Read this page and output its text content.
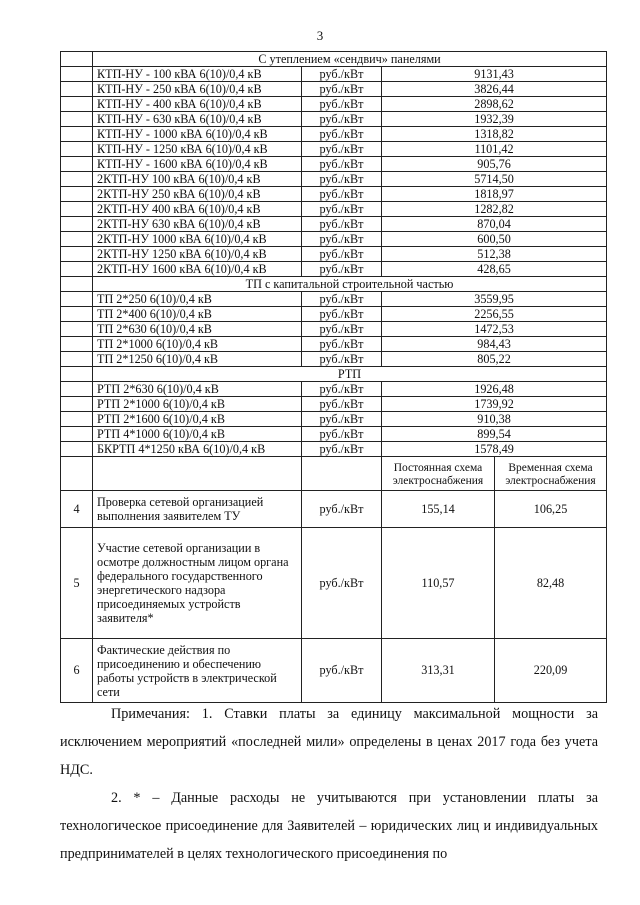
3
	С утеплением «сендвич» панелями			
	КТП-НУ - 100 кВА 6(10)/0,4 кВ	руб./кВт	9131,43	
	КТП-НУ - 250 кВА 6(10)/0,4 кВ	руб./кВт	3826,44	
	КТП-НУ - 400 кВА 6(10)/0,4 кВ	руб./кВт	2898,62	
	КТП-НУ - 630 кВА 6(10)/0,4 кВ	руб./кВт	1932,39	
	КТП-НУ - 1000 кВА 6(10)/0,4 кВ	руб./кВт	1318,82	
	КТП-НУ - 1250 кВА 6(10)/0,4 кВ	руб./кВт	1101,42	
	КТП-НУ - 1600 кВА 6(10)/0,4 кВ	руб./кВт	905,76	
	2КТП-НУ 100 кВА 6(10)/0,4 кВ	руб./кВт	5714,50	
	2КТП-НУ 250 кВА 6(10)/0,4 кВ	руб./кВт	1818,97	
	2КТП-НУ 400 кВА 6(10)/0,4 кВ	руб./кВт	1282,82	
	2КТП-НУ 630 кВА 6(10)/0,4 кВ	руб./кВт	870,04	
	2КТП-НУ 1000 кВА 6(10)/0,4 кВ	руб./кВт	600,50	
	2КТП-НУ 1250 кВА 6(10)/0,4 кВ	руб./кВт	512,38	
	2КТП-НУ 1600 кВА 6(10)/0,4 кВ	руб./кВт	428,65	
	ТП с капитальной строительной частью			
	ТП 2*250 6(10)/0,4 кВ	руб./кВт	3559,95	
	ТП 2*400 6(10)/0,4 кВ	руб./кВт	2256,55	
	ТП 2*630 6(10)/0,4 кВ	руб./кВт	1472,53	
	ТП 2*1000 6(10)/0,4 кВ	руб./кВт	984,43	
	ТП 2*1250 6(10)/0,4 кВ	руб./кВт	805,22	
	РТП			
	РТП 2*630 6(10)/0,4 кВ	руб./кВт	1926,48	
	РТП 2*1000 6(10)/0,4 кВ	руб./кВт	1739,92	
	РТП 2*1600 6(10)/0,4 кВ	руб./кВт	910,38	
	РТП 4*1000 6(10)/0,4 кВ	руб./кВт	899,54	
	БКРТП 4*1250 кВА 6(10)/0,4 кВ	руб./кВт	1578,49	
			Постоянная схема электроснабжения	Временная схема электроснабжения
4	Проверка сетевой организацией выполнения заявителем ТУ	руб./кВт	155,14	106,25
5	Участие сетевой организации в осмотре должностным лицом органа федерального государственного энергетического надзора присоединяемых устройств заявителя*	руб./кВт	110,57	82,48
6	Фактические действия по присоединению и обеспечению работы устройств в электрической сети	руб./кВт	313,31	220,09

Примечания: 1. Ставки платы за единицу максимальной мощности за исключением мероприятий «последней мили» определены в ценах 2017 года без учета НДС.

2. * – Данные расходы не учитываются при установлении платы за технологическое присоединение для Заявителей – юридических лиц и индивидуальных предпринимателей в целях технологического присоединения по
